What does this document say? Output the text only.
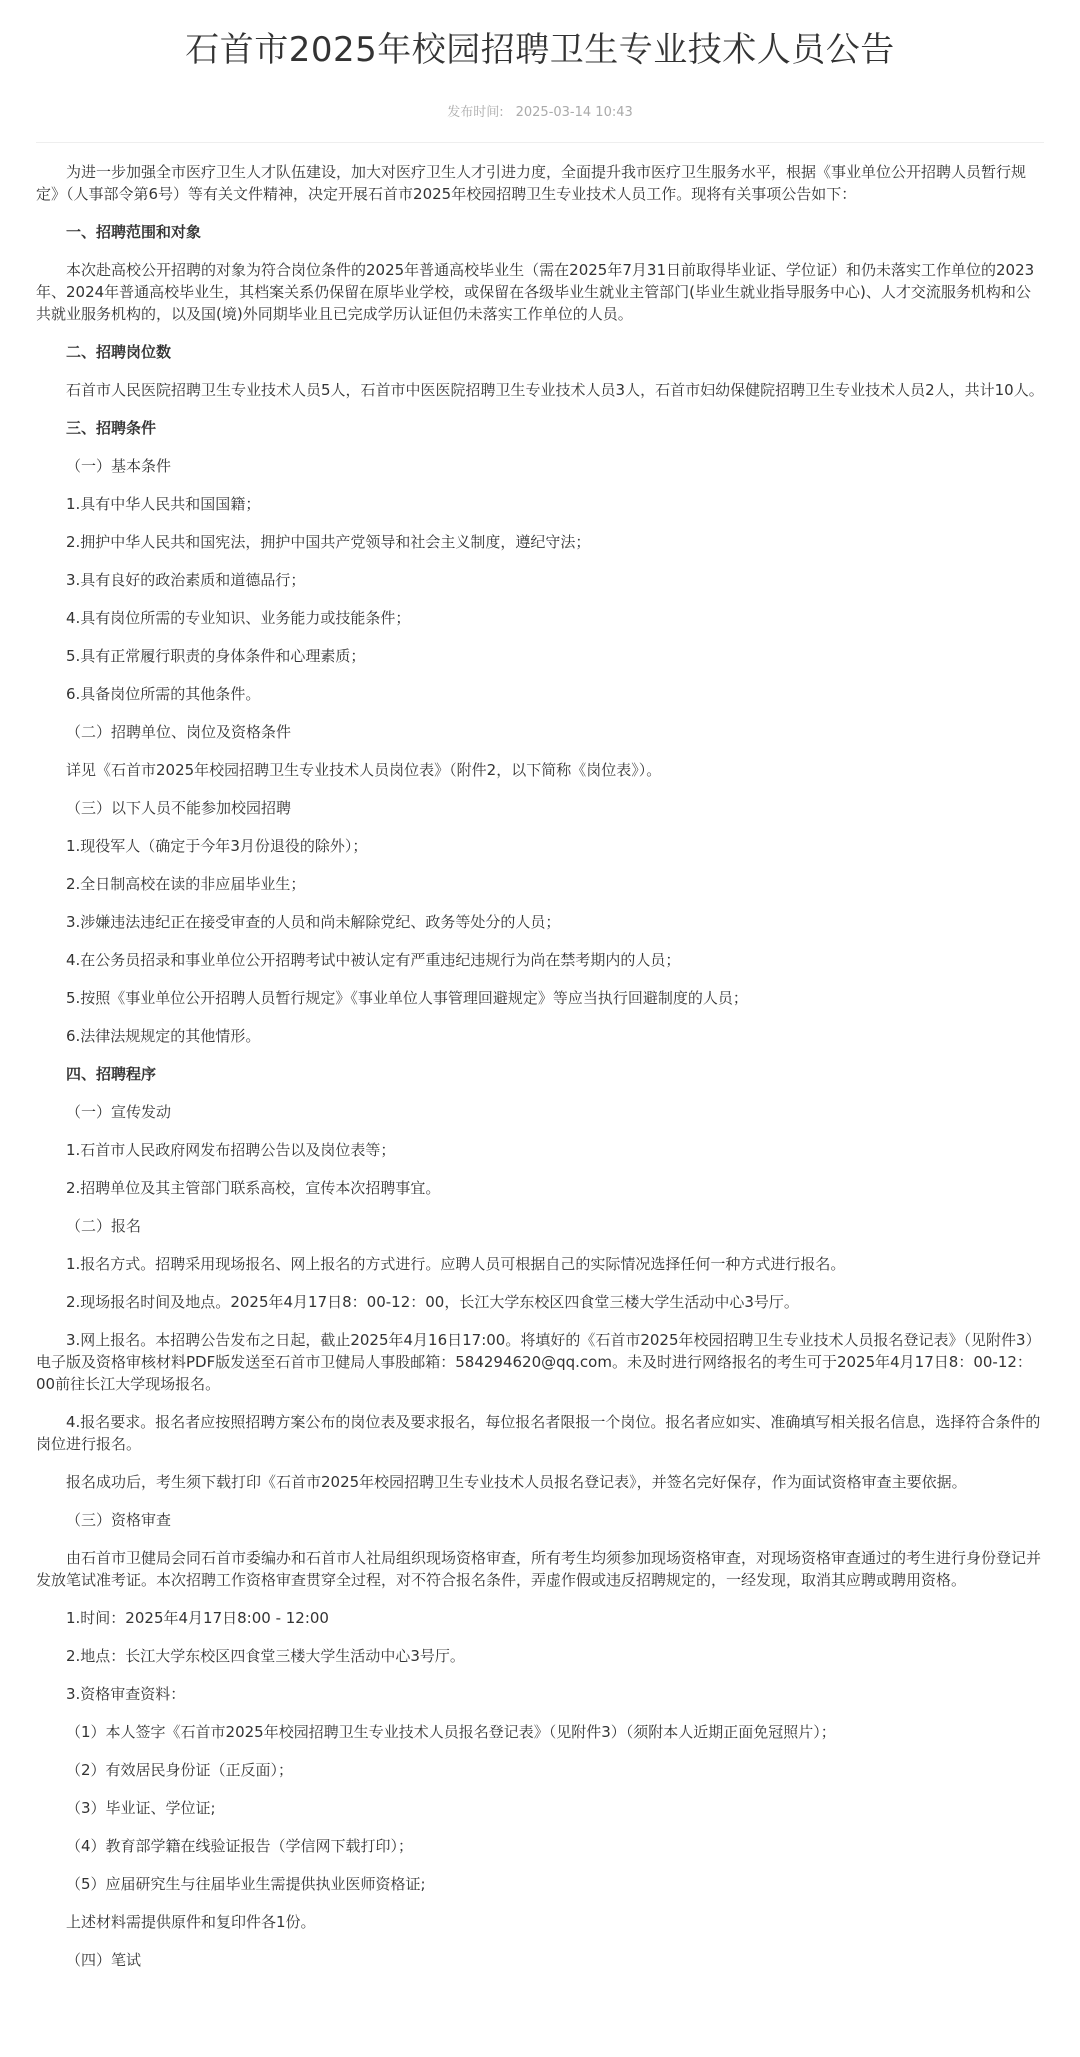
石首市2025年校园招聘卫生专业技术人员公告
发布时间: 2025-03-14 10:43

为进一步加强全市医疗卫生人才队伍建设，加大对医疗卫生人才引进力度，全面提升我市医疗卫生服务水平，根据《事业单位公开招聘人员暂行规定》（人事部令第6号）等有关文件精神，决定开展石首市2025年校园招聘卫生专业技术人员工作。现将有关事项公告如下：

一、招聘范围和对象

本次赴高校公开招聘的对象为符合岗位条件的2025年普通高校毕业生（需在2025年7月31日前取得毕业证、学位证）和仍未落实工作单位的2023年、2024年普通高校毕业生，其档案关系仍保留在原毕业学校，或保留在各级毕业生就业主管部门(毕业生就业指导服务中心)、人才交流服务机构和公共就业服务机构的，以及国(境)外同期毕业且已完成学历认证但仍未落实工作单位的人员。

二、招聘岗位数

石首市人民医院招聘卫生专业技术人员5人，石首市中医医院招聘卫生专业技术人员3人，石首市妇幼保健院招聘卫生专业技术人员2人，共计10人。

三、招聘条件

（一）基本条件

1.具有中华人民共和国国籍；

2.拥护中华人民共和国宪法，拥护中国共产党领导和社会主义制度，遵纪守法；

3.具有良好的政治素质和道德品行；

4.具有岗位所需的专业知识、业务能力或技能条件；

5.具有正常履行职责的身体条件和心理素质；

6.具备岗位所需的其他条件。

（二）招聘单位、岗位及资格条件

详见《石首市2025年校园招聘卫生专业技术人员岗位表》（附件2，以下简称《岗位表》）。

（三）以下人员不能参加校园招聘

1.现役军人（确定于今年3月份退役的除外）；

2.全日制高校在读的非应届毕业生；

3.涉嫌违法违纪正在接受审查的人员和尚未解除党纪、政务等处分的人员；

4.在公务员招录和事业单位公开招聘考试中被认定有严重违纪违规行为尚在禁考期内的人员；

5.按照《事业单位公开招聘人员暂行规定》《事业单位人事管理回避规定》等应当执行回避制度的人员；

6.法律法规规定的其他情形。

四、招聘程序

（一）宣传发动

1.石首市人民政府网发布招聘公告以及岗位表等；

2.招聘单位及其主管部门联系高校，宣传本次招聘事宜。

（二）报名

1.报名方式。招聘采用现场报名、网上报名的方式进行。应聘人员可根据自己的实际情况选择任何一种方式进行报名。

2.现场报名时间及地点。2025年4月17日8：00-12：00，长江大学东校区四食堂三楼大学生活动中心3号厅。

3.网上报名。本招聘公告发布之日起，截止2025年4月16日17:00。将填好的《石首市2025年校园招聘卫生专业技术人员报名登记表》（见附件3）电子版及资格审核材料PDF版发送至石首市卫健局人事股邮箱：584294620@qq.com。未及时进行网络报名的考生可于2025年4月17日8：00-12：00前往长江大学现场报名。

4.报名要求。报名者应按照招聘方案公布的岗位表及要求报名，每位报名者限报一个岗位。报名者应如实、准确填写相关报名信息，选择符合条件的岗位进行报名。

报名成功后，考生须下载打印《石首市2025年校园招聘卫生专业技术人员报名登记表》，并签名完好保存，作为面试资格审查主要依据。

（三）资格审查

由石首市卫健局会同石首市委编办和石首市人社局组织现场资格审查，所有考生均须参加现场资格审查，对现场资格审查通过的考生进行身份登记并发放笔试准考证。本次招聘工作资格审查贯穿全过程，对不符合报名条件，弄虚作假或违反招聘规定的，一经发现，取消其应聘或聘用资格。

1.时间：2025年4月17日8:00 - 12:00

2.地点：长江大学东校区四食堂三楼大学生活动中心3号厅。

3.资格审查资料：

（1）本人签字《石首市2025年校园招聘卫生专业技术人员报名登记表》（见附件3）（须附本人近期正面免冠照片）；

（2）有效居民身份证（正反面）；

（3）毕业证、学位证;

（4）教育部学籍在线验证报告（学信网下载打印）；

（5）应届研究生与往届毕业生需提供执业医师资格证;

上述材料需提供原件和复印件各1份。

（四）笔试
